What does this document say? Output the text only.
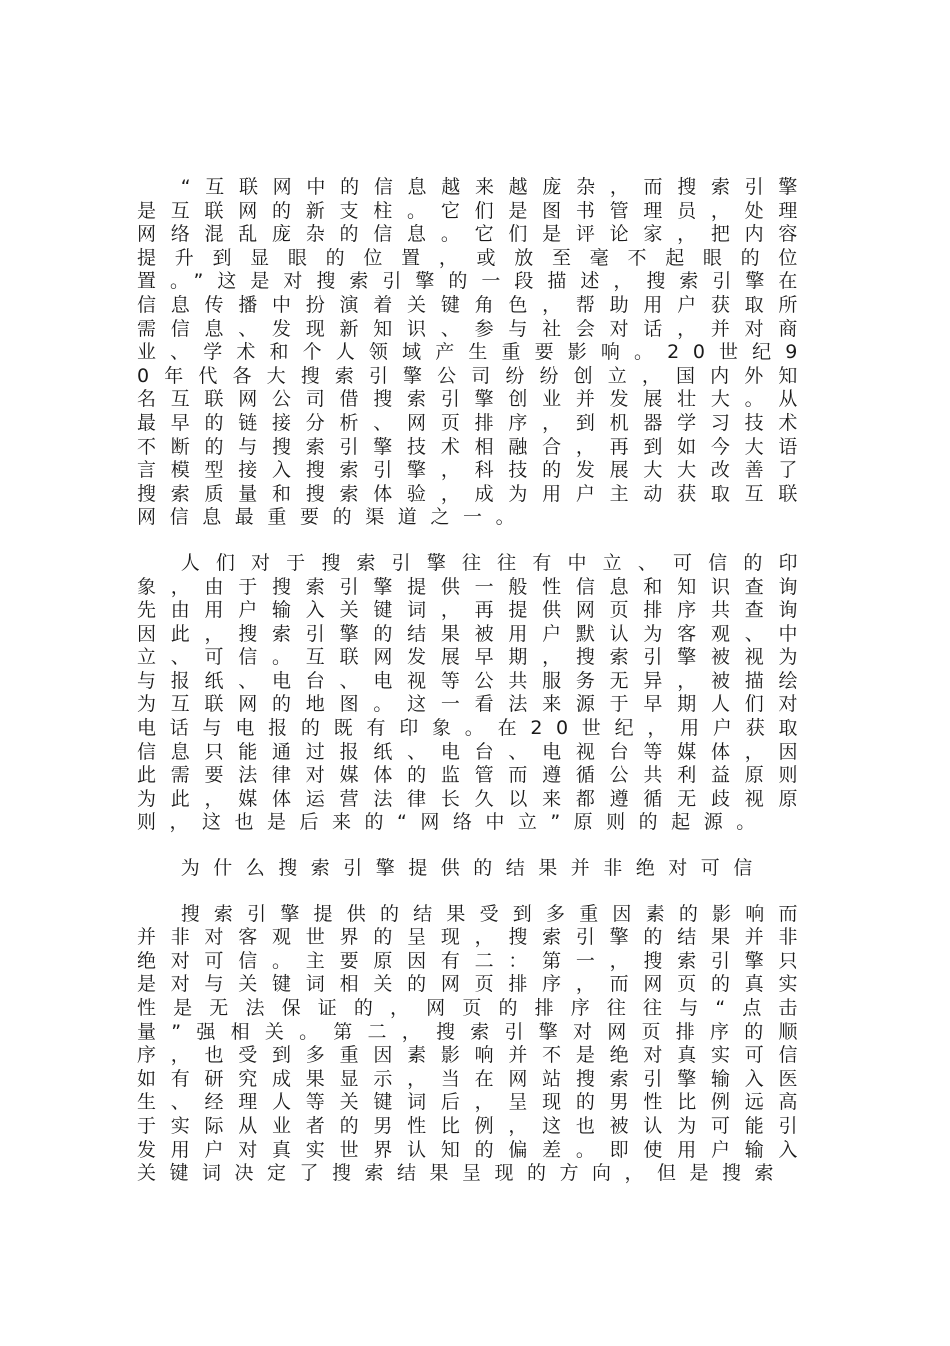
“互联网中的信息越来越庞杂，而搜索引擎是互联网的新支柱。它们是图书管理员，处理网络混乱庞杂的信息。它们是评论家，把内容提升到显眼的位置，或放至毫不起眼的位置。”这是对搜索引擎的一段描述，搜索引擎在信息传播中扮演着关键角色，帮助用户获取所需信息、发现新知识、参与社会对话，并对商业、学术和个人领域产生重要影响。20世纪90年代各大搜索引擎公司纷纷创立，国内外知名互联网公司借搜索引擎创业并发展壮大。从最早的链接分析、网页排序，到机器学习技术不断的与搜索引擎技术相融合，再到如今大语言模型接入搜索引擎，科技的发展大大改善了搜索质量和搜索体验，成为用户主动获取互联网信息最重要的渠道之一。

人们对于搜索引擎往往有中立、可信的印象，由于搜索引擎提供一般性信息和知识查询先由用户输入关键词，再提供网页排序共查询因此，搜索引擎的结果被用户默认为客观、中立、可信。互联网发展早期，搜索引擎被视为与报纸、电台、电视等公共服务无异，被描绘为互联网的地图。这一看法来源于早期人们对电话与电报的既有印象。在20世纪，用户获取信息只能通过报纸、电台、电视台等媒体，因此需要法律对媒体的监管而遵循公共利益原则为此，媒体运营法律长久以来都遵循无歧视原则，这也是后来的“网络中立”原则的起源。

为什么搜索引擎提供的结果并非绝对可信

搜索引擎提供的结果受到多重因素的影响而并非对客观世界的呈现，搜索引擎的结果并非绝对可信。主要原因有二：第一，搜索引擎只是对与关键词相关的网页排序，而网页的真实性是无法保证的，网页的排序往往与“点击量”强相关。第二，搜索引擎对网页排序的顺序，也受到多重因素影响并不是绝对真实可信如有研究成果显示，当在网站搜索引擎输入医生、经理人等关键词后，呈现的男性比例远高于实际从业者的男性比例，这也被认为可能引发用户对真实世界认知的偏差。即使用户输入关键词决定了搜索结果呈现的方向，但是搜索
